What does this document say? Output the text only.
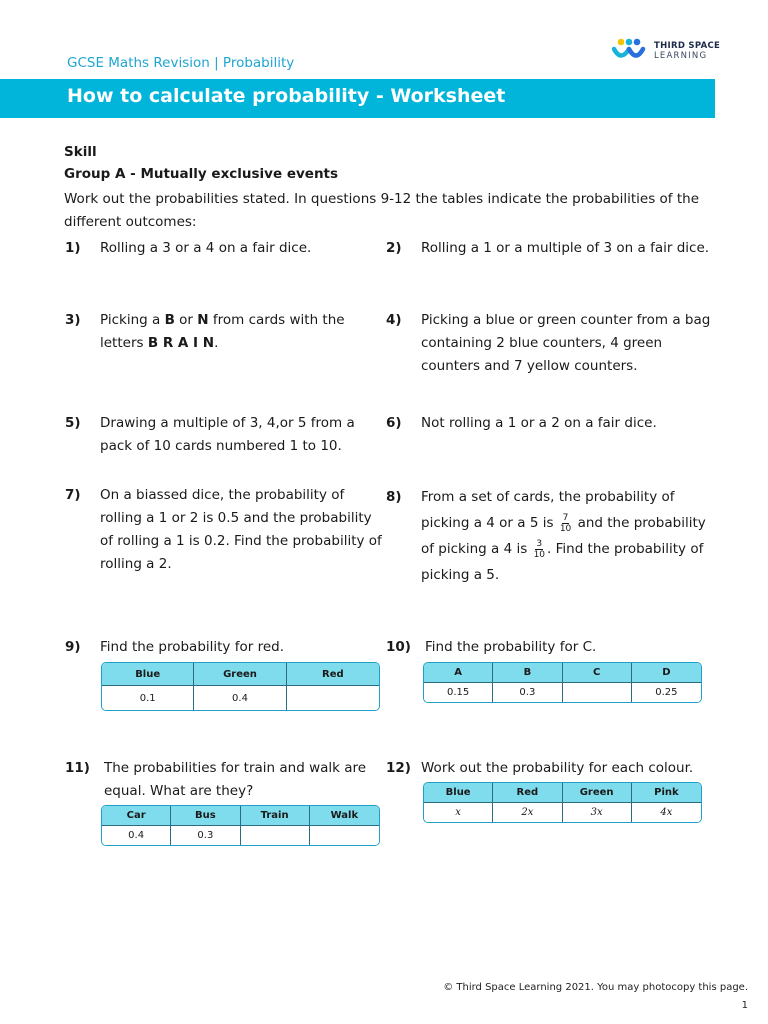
GCSE Maths Revision | Probability
THIRD SPACE
LEARNING
How to calculate probability - Worksheet
Skill
Group A - Mutually exclusive events
Work out the probabilities stated. In questions 9-12 the tables indicate the probabilities of the different outcomes:
1) Rolling a 3 or a 4 on a fair dice.	2) Rolling a 1 or a multiple of 3 on a fair dice.
3) Picking a B or N from cards with the letters B R A I N.
4) Picking a blue or green counter from a bag containing 2 blue counters, 4 green counters and 7 yellow counters.
5) Drawing a multiple of 3, 4,or 5 from a pack of 10 cards numbered 1 to 10.
6) Not rolling a 1 or a 2 on a fair dice.
7) On a biassed dice, the probability of rolling a 1 or 2 is 0.5 and the probability of rolling a 1 is 0.2. Find the probability of rolling a 2.
8) From a set of cards, the probability of picking a 4 or a 5 is $\frac{7}{10}$ and the probability of picking a 4 is $\frac{3}{10}$ . Find the probability of picking a 5.
9) Find the probability for red.
Blue	Green	Red
0.1	0.4	
10) Find the probability for C.
A	B	C	D
0.15	0.3		0.25
11) The probabilities for train and walk are equal. What are they?
Car	Bus	Train	Walk
0.4	0.3		
12) Work out the probability for each colour.
Blue	Red	Green	Pink
x	2x	3x	4x
© Third Space Learning 2021. You may photocopy this page.
1
